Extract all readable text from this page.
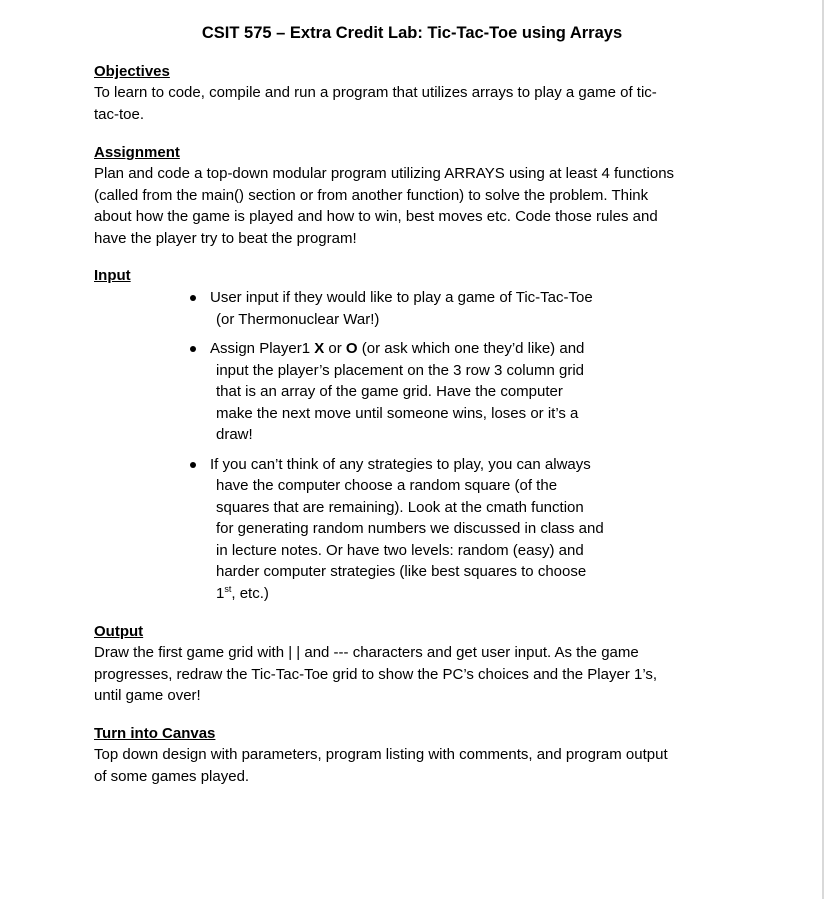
CSIT 575 – Extra Credit Lab: Tic-Tac-Toe using Arrays

Objectives

To learn to code, compile and run a program that utilizes arrays to play a game of tic-
tac-toe.

Assignment

Plan and code a top-down modular program utilizing ARRAYS using at least 4 functions
(called from the main() section or from another function) to solve the problem. Think
about how the game is played and how to win, best moves etc. Code those rules and
have the player try to beat the program!

Input

User input if they would like to play a game of Tic-Tac-Toe
(or Thermonuclear War!)
Assign Player1 X or O (or ask which one they’d like) and
input the player’s placement on the 3 row 3 column grid
that is an array of the game grid. Have the computer
make the next move until someone wins, loses or it’s a
draw!
If you can’t think of any strategies to play, you can always
have the computer choose a random square (of the
squares that are remaining). Look at the cmath function
for generating random numbers we discussed in class and
in lecture notes. Or have two levels: random (easy) and
harder computer strategies (like best squares to choose
1st, etc.)

Output

Draw the first game grid with | | and --- characters and get user input. As the game
progresses, redraw the Tic-Tac-Toe grid to show the PC’s choices and the Player 1’s,
until game over!

Turn into Canvas

Top down design with parameters, program listing with comments, and program output
of some games played.
